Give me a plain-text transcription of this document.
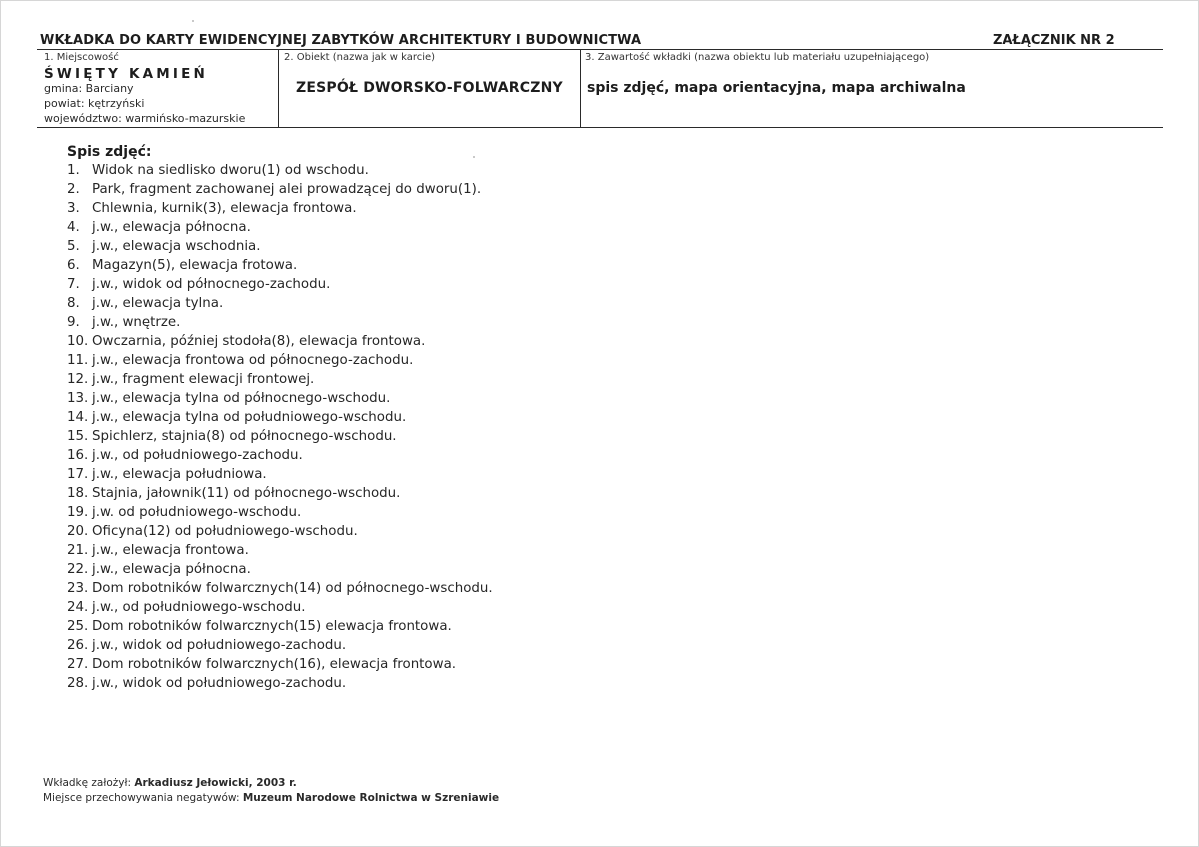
WKŁADKA DO KARTY EWIDENCYJNEJ ZABYTKÓW ARCHITEKTURY I BUDOWNICTWA	ZAŁĄCZNIK NR 2
1. Miejscowość
ŚWIĘTY KAMIEŃ
gmina: Barciany
powiat: kętrzyński
województwo: warmińsko-mazurskie
2. Obiekt (nazwa jak w karcie)
ZESPÓŁ DWORSKO-FOLWARCZNY
3. Zawartość wkładki (nazwa obiektu lub materiału uzupełniającego)
spis zdjęć, mapa orientacyjna, mapa archiwalna
Spis zdjęć:
1. Widok na siedlisko dworu(1) od wschodu.
2. Park, fragment zachowanej alei prowadzącej do dworu(1).
3. Chlewnia, kurnik(3), elewacja frontowa.
4. j.w., elewacja północna.
5. j.w., elewacja wschodnia.
6. Magazyn(5), elewacja frotowa.
7. j.w., widok od północnego-zachodu.
8. j.w., elewacja tylna.
9. j.w., wnętrze.
10. Owczarnia, później stodoła(8), elewacja frontowa.
11. j.w., elewacja frontowa od północnego-zachodu.
12. j.w., fragment elewacji frontowej.
13. j.w., elewacja tylna od północnego-wschodu.
14. j.w., elewacja tylna od południowego-wschodu.
15. Spichlerz, stajnia(8) od północnego-wschodu.
16. j.w., od południowego-zachodu.
17. j.w., elewacja południowa.
18. Stajnia, jałownik(11) od północnego-wschodu.
19. j.w. od południowego-wschodu.
20. Oficyna(12) od południowego-wschodu.
21. j.w., elewacja frontowa.
22. j.w., elewacja północna.
23. Dom robotników folwarcznych(14) od północnego-wschodu.
24. j.w., od południowego-wschodu.
25. Dom robotników folwarcznych(15) elewacja frontowa.
26. j.w., widok od południowego-zachodu.
27. Dom robotników folwarcznych(16), elewacja frontowa.
28. j.w., widok od południowego-zachodu.
Wkładkę założył: Arkadiusz Jełowicki, 2003 r.
Miejsce przechowywania negatywów: Muzeum Narodowe Rolnictwa w Szreniawie
